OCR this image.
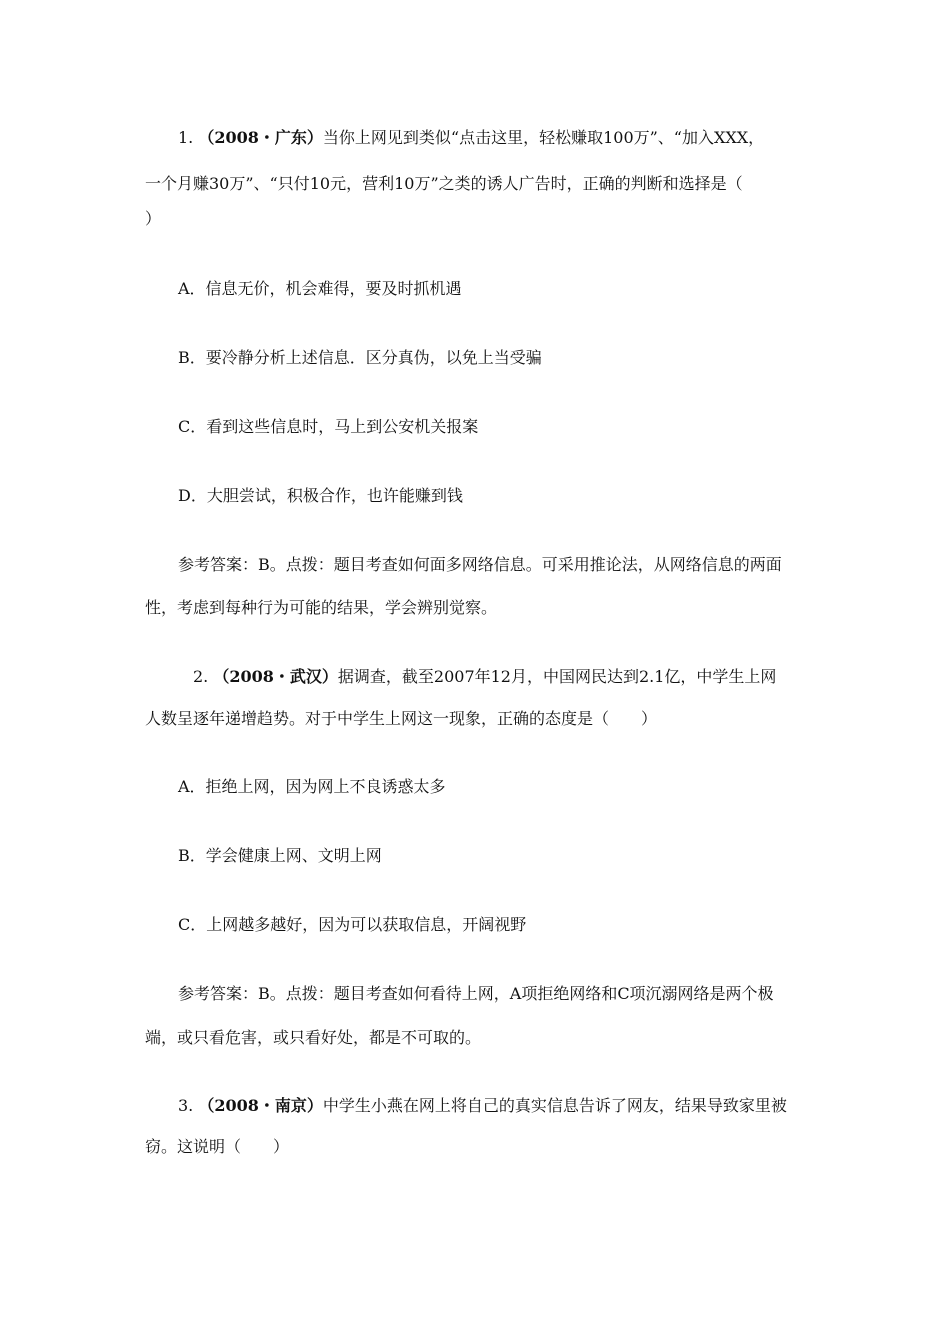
1. （2008・广东）当你上网见到类似“点击这里，轻松赚取100万”、“加入XXX，
一个月赚30万”、“只付10元，营利10万”之类的诱人广告时，正确的判断和选择是（
）
A．信息无价，机会难得，要及时抓机遇
B．要冷静分析上述信息．区分真伪，以免上当受骗
C．看到这些信息时，马上到公安机关报案
D．大胆尝试，积极合作，也许能赚到钱
参考答案：B。点拨：题目考查如何面多网络信息。可采用推论法，从网络信息的两面
性，考虑到每种行为可能的结果，学会辨别觉察。
2. （2008・武汉）据调查，截至2007年12月，中国网民达到2.1亿，中学生上网
人数呈逐年递增趋势。对于中学生上网这一现象，正确的态度是（　　）
A．拒绝上网，因为网上不良诱惑太多
B．学会健康上网、文明上网
C．上网越多越好，因为可以获取信息，开阔视野
参考答案：B。点拨：题目考查如何看待上网，A项拒绝网络和C项沉溺网络是两个极
端，或只看危害，或只看好处，都是不可取的。
3. （2008・南京）中学生小燕在网上将自己的真实信息告诉了网友，结果导致家里被
窃。这说明（　　）
